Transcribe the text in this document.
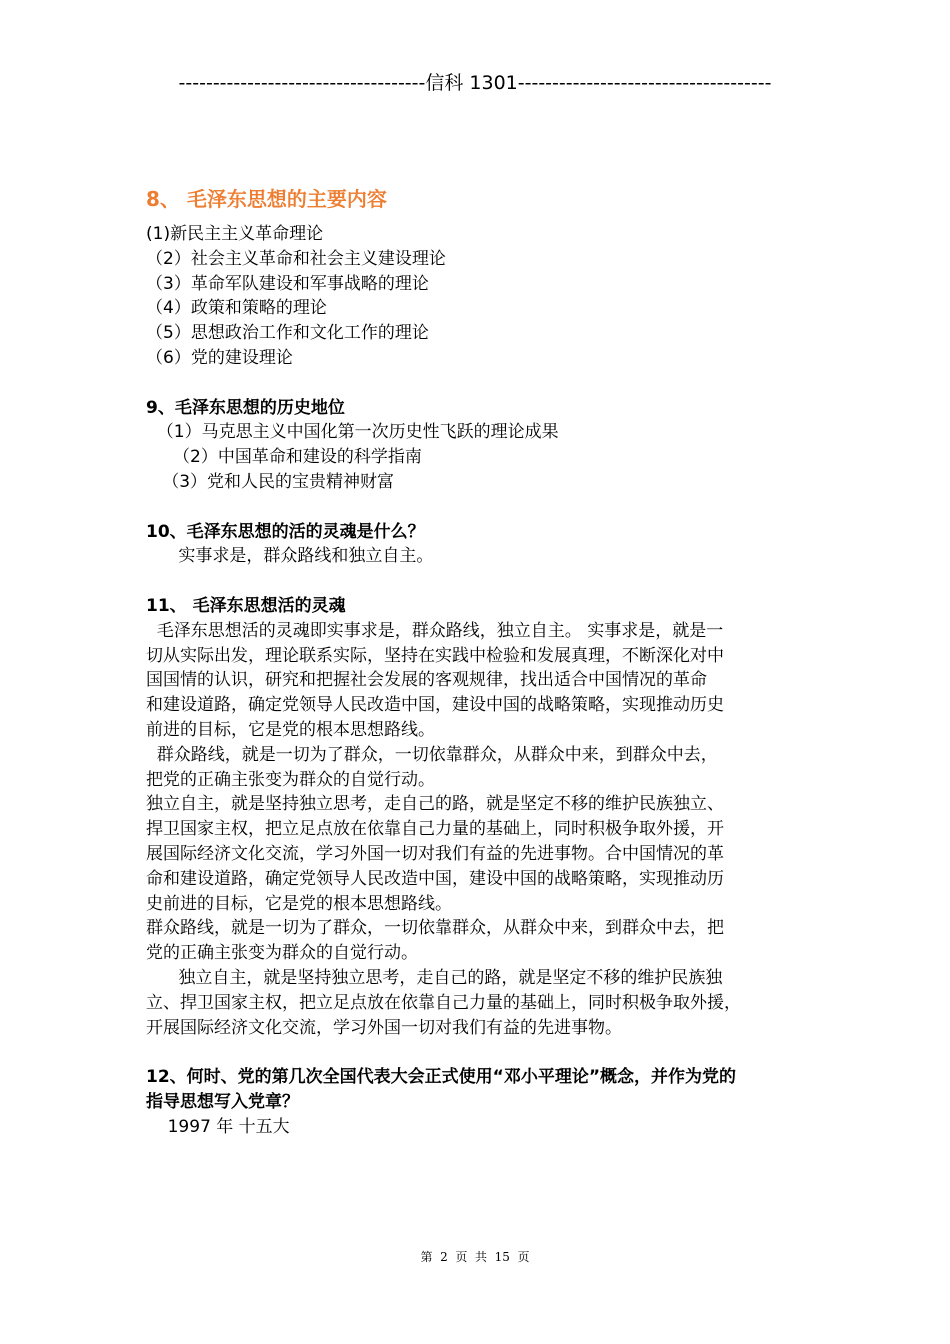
------------------------------------信科 1301-------------------------------------
8、 毛泽东思想的主要内容
(1)新民主主义革命理论
（2）社会主义革命和社会主义建设理论
（3）革命军队建设和军事战略的理论
（4）政策和策略的理论
（5）思想政治工作和文化工作的理论
（6）党的建设理论
9、毛泽东思想的历史地位
（1）马克思主义中国化第一次历史性飞跃的理论成果
（2）中国革命和建设的科学指南
（3）党和人民的宝贵精神财富
10、毛泽东思想的活的灵魂是什么？
实事求是，群众路线和独立自主。
11、 毛泽东思想活的灵魂
毛泽东思想活的灵魂即实事求是，群众路线，独立自主。 实事求是，就是一
切从实际出发，理论联系实际，坚持在实践中检验和发展真理，不断深化对中
国国情的认识，研究和把握社会发展的客观规律，找出适合中国情况的革命
和建设道路，确定党领导人民改造中国，建设中国的战略策略，实现推动历史
前进的目标，它是党的根本思想路线。
群众路线，就是一切为了群众，一切依靠群众，从群众中来，到群众中去，
把党的正确主张变为群众的自觉行动。
独立自主，就是坚持独立思考，走自己的路，就是坚定不移的维护民族独立、
捍卫国家主权，把立足点放在依靠自己力量的基础上，同时积极争取外援，开
展国际经济文化交流，学习外国一切对我们有益的先进事物。合中国情况的革
命和建设道路，确定党领导人民改造中国，建设中国的战略策略，实现推动历
史前进的目标，它是党的根本思想路线。
群众路线，就是一切为了群众，一切依靠群众，从群众中来，到群众中去，把
党的正确主张变为群众的自觉行动。
独立自主，就是坚持独立思考，走自己的路，就是坚定不移的维护民族独
立、捍卫国家主权，把立足点放在依靠自己力量的基础上，同时积极争取外援，
开展国际经济文化交流，学习外国一切对我们有益的先进事物。
12、何时、党的第几次全国代表大会正式使用“邓小平理论”概念，并作为党的
指导思想写入党章？
1997 年 十五大
第  2  页  共  15  页
